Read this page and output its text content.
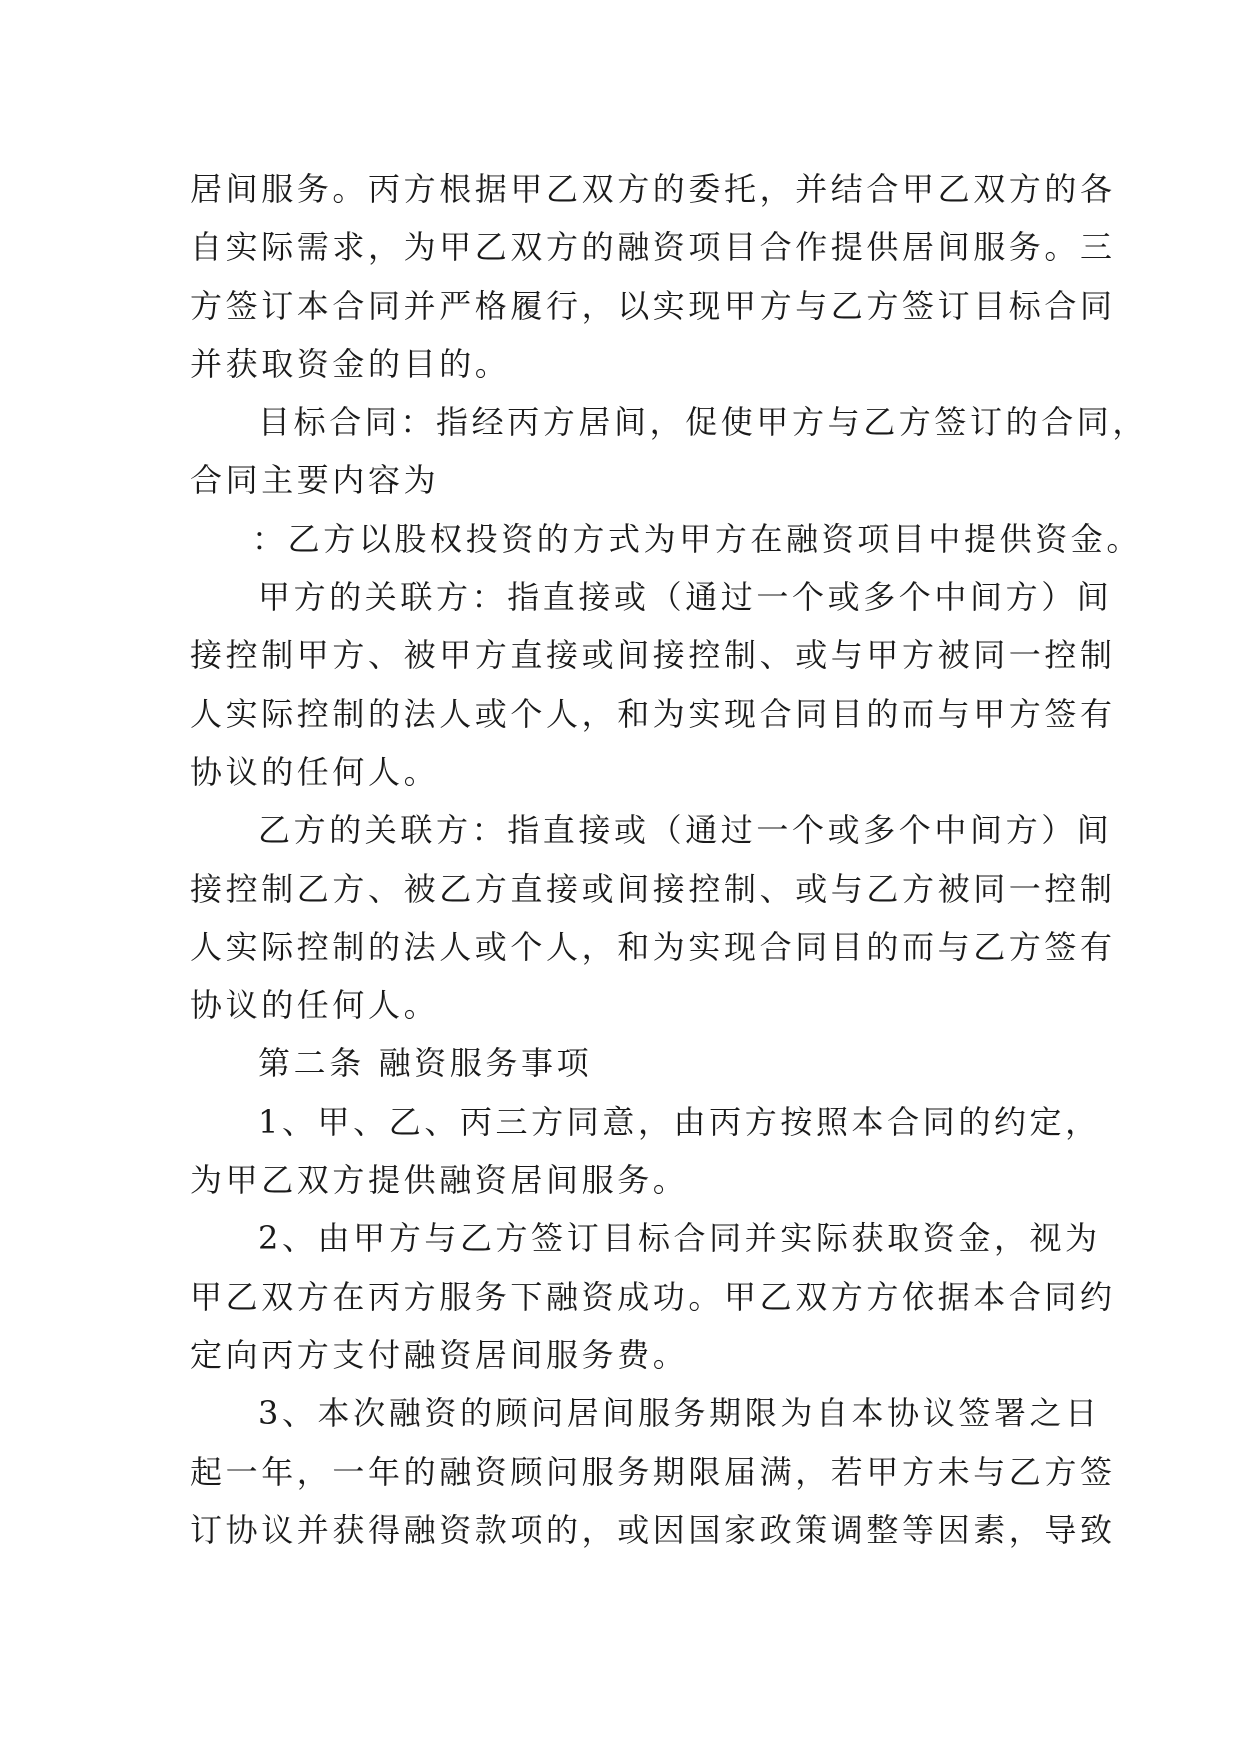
居间服务。丙方根据甲乙双方的委托，并结合甲乙双方的各
自实际需求，为甲乙双方的融资项目合作提供居间服务。三
方签订本合同并严格履行，以实现甲方与乙方签订目标合同
并获取资金的目的。
目标合同：指经丙方居间，促使甲方与乙方签订的合同，
合同主要内容为
：乙方以股权投资的方式为甲方在融资项目中提供资金。
甲方的关联方：指直接或（通过一个或多个中间方）间
接控制甲方、被甲方直接或间接控制、或与甲方被同一控制
人实际控制的法人或个人，和为实现合同目的而与甲方签有
协议的任何人。
乙方的关联方：指直接或（通过一个或多个中间方）间
接控制乙方、被乙方直接或间接控制、或与乙方被同一控制
人实际控制的法人或个人，和为实现合同目的而与乙方签有
协议的任何人。
第二条 融资服务事项
1、甲、乙、丙三方同意，由丙方按照本合同的约定，
为甲乙双方提供融资居间服务。
2、由甲方与乙方签订目标合同并实际获取资金，视为
甲乙双方在丙方服务下融资成功。甲乙双方方依据本合同约
定向丙方支付融资居间服务费。
3、本次融资的顾问居间服务期限为自本协议签署之日
起一年，一年的融资顾问服务期限届满，若甲方未与乙方签
订协议并获得融资款项的，或因国家政策调整等因素，导致
